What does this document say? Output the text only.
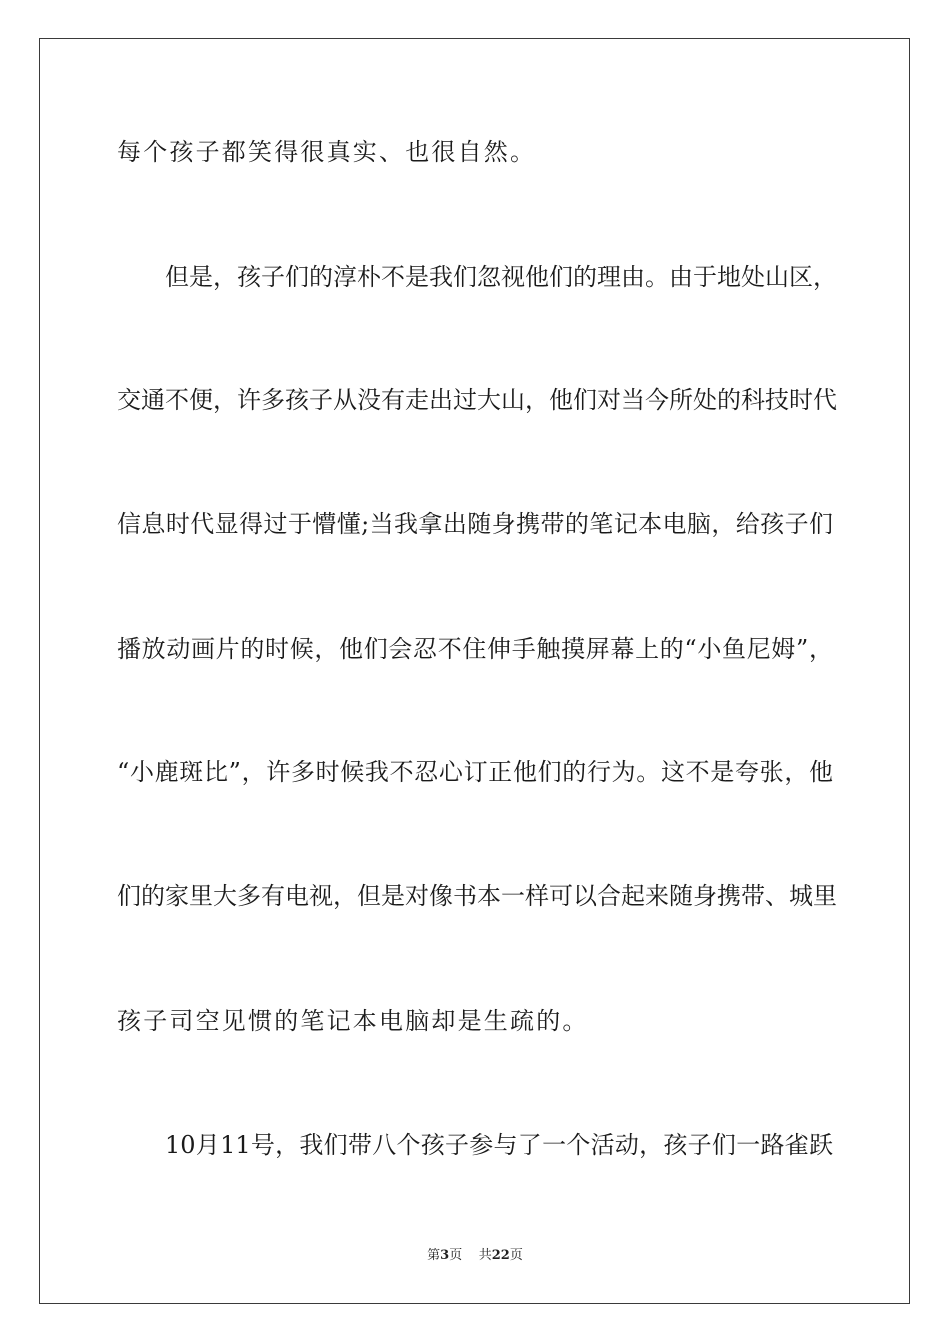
每个孩子都笑得很真实、也很自然。
但是，孩子们的淳朴不是我们忽视他们的理由。由于地处山区，
交通不便，许多孩子从没有走出过大山，他们对当今所处的科技时代
信息时代显得过于懵懂;当我拿出随身携带的笔记本电脑，给孩子们
播放动画片的时候，他们会忍不住伸手触摸屏幕上的“小鱼尼姆”，
“小鹿斑比”，许多时候我不忍心订正他们的行为。这不是夸张，他
们的家里大多有电视，但是对像书本一样可以合起来随身携带、城里
孩子司空见惯的笔记本电脑却是生疏的。
10月11号，我们带八个孩子参与了一个活动，孩子们一路雀跃
第3页 共22页
